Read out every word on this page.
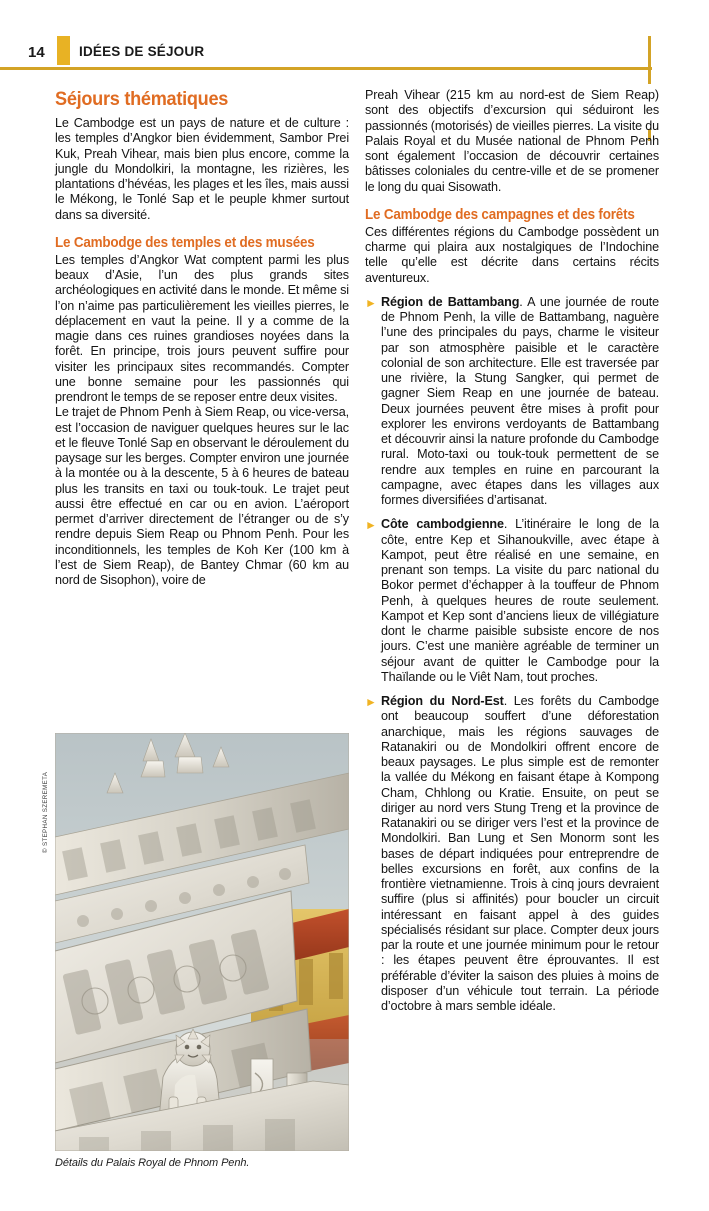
14	IDÉES DE SÉJOUR
Séjours thématiques

Le Cambodge est un pays de nature et de culture : les temples d’Angkor bien évidemment, Sambor Prei Kuk, Preah Vihear, mais bien plus encore, comme la jungle du Mondolkiri, la montagne, les rizières, les plantations d’hévéas, les plages et les îles, mais aussi le Mékong, le Tonlé Sap et le peuple khmer surtout dans sa diversité.

Le Cambodge des temples et des musées

Les temples d’Angkor Wat comptent parmi les plus beaux d’Asie, l’un des plus grands sites archéologiques en activité dans le monde. Et même si l’on n’aime pas particulièrement les vieilles pierres, le déplacement en vaut la peine. Il y a comme de la magie dans ces ruines grandioses noyées dans la forêt. En principe, trois jours peuvent suffire pour visiter les principaux sites recommandés. Compter une bonne semaine pour les passionnés qui prendront le temps de se reposer entre deux visites.

Le trajet de Phnom Penh à Siem Reap, ou vice-versa, est l’occasion de naviguer quelques heures sur le lac et le fleuve Tonlé Sap en observant le déroulement du paysage sur les berges. Compter environ une journée à la montée ou à la descente, 5 à 6 heures de bateau plus les transits en taxi ou touk-touk. Le trajet peut aussi être effectué en car ou en avion. L’aéroport permet d’arriver directement de l’étranger ou de s’y rendre depuis Siem Reap ou Phnom Penh. Pour les inconditionnels, les temples de Koh Ker (100 km à l’est de Siem Reap), de Bantey Chmar (60 km au nord de Sisophon), voire de

Preah Vihear (215 km au nord-est de Siem Reap) sont des objectifs d’excursion qui séduiront les passionnés (motorisés) de vieilles pierres. La visite du Palais Royal et du Musée national de Phnom Penh sont également l’occasion de découvrir certaines bâtisses coloniales du centre-ville et de se promener le long du quai Sisowath.

Le Cambodge des campagnes et des forêts

Ces différentes régions du Cambodge possèdent un charme qui plaira aux nostalgiques de l’Indochine telle qu’elle est décrite dans certains récits aventureux.

► Région de Battambang. A une journée de route de Phnom Penh, la ville de Battambang, naguère l’une des principales du pays, charme le visiteur par son atmosphère paisible et le caractère colonial de son architecture. Elle est traversée par une rivière, la Stung Sangker, qui permet de gagner Siem Reap en une journée de bateau. Deux journées peuvent être mises à profit pour explorer les environs verdoyants de Battambang et découvrir ainsi la nature profonde du Cambodge rural. Moto-taxi ou touk-touk permettent de se rendre aux temples en ruine en parcourant la campagne, avec étapes dans les villages aux formes diversifiées d’artisanat.

► Côte cambodgienne. L’itinéraire le long de la côte, entre Kep et Sihanoukville, avec étape à Kampot, peut être réalisé en une semaine, en prenant son temps. La visite du parc national du Bokor permet d’échapper à la touffeur de Phnom Penh, à quelques heures de route seulement. Kampot et Kep sont d’anciens lieux de villégiature dont le charme paisible subsiste encore de nos jours. C’est une manière agréable de terminer un séjour avant de quitter le Cambodge pour la Thaïlande ou le Viêt Nam, tout proches.

► Région du Nord-Est. Les forêts du Cambodge ont beaucoup souffert d’une déforestation anarchique, mais les régions sauvages de Ratanakiri ou de Mondolkiri offrent encore de beaux paysages. Le plus simple est de remonter la vallée du Mékong en faisant étape à Kompong Cham, Chhlong ou Kratie. Ensuite, on peut se diriger au nord vers Stung Treng et la province de Ratanakiri ou se diriger vers l’est et la province de Mondolkiri. Ban Lung et Sen Monorm sont les bases de départ indiquées pour entreprendre de belles excursions en forêt, aux confins de la frontière vietnamienne. Trois à cinq jours devraient suffire (plus si affinités) pour boucler un circuit intéressant en faisant appel à des guides spécialisés résidant sur place. Compter deux jours par la route et une journée minimum pour le retour : les étapes peuvent être éprouvantes. Il est préférable d’éviter la saison des pluies à moins de disposer d’un véhicule tout terrain. La période d’octobre à mars semble idéale.

© STEPHAN SZEREMETA
Détails du Palais Royal de Phnom Penh.
